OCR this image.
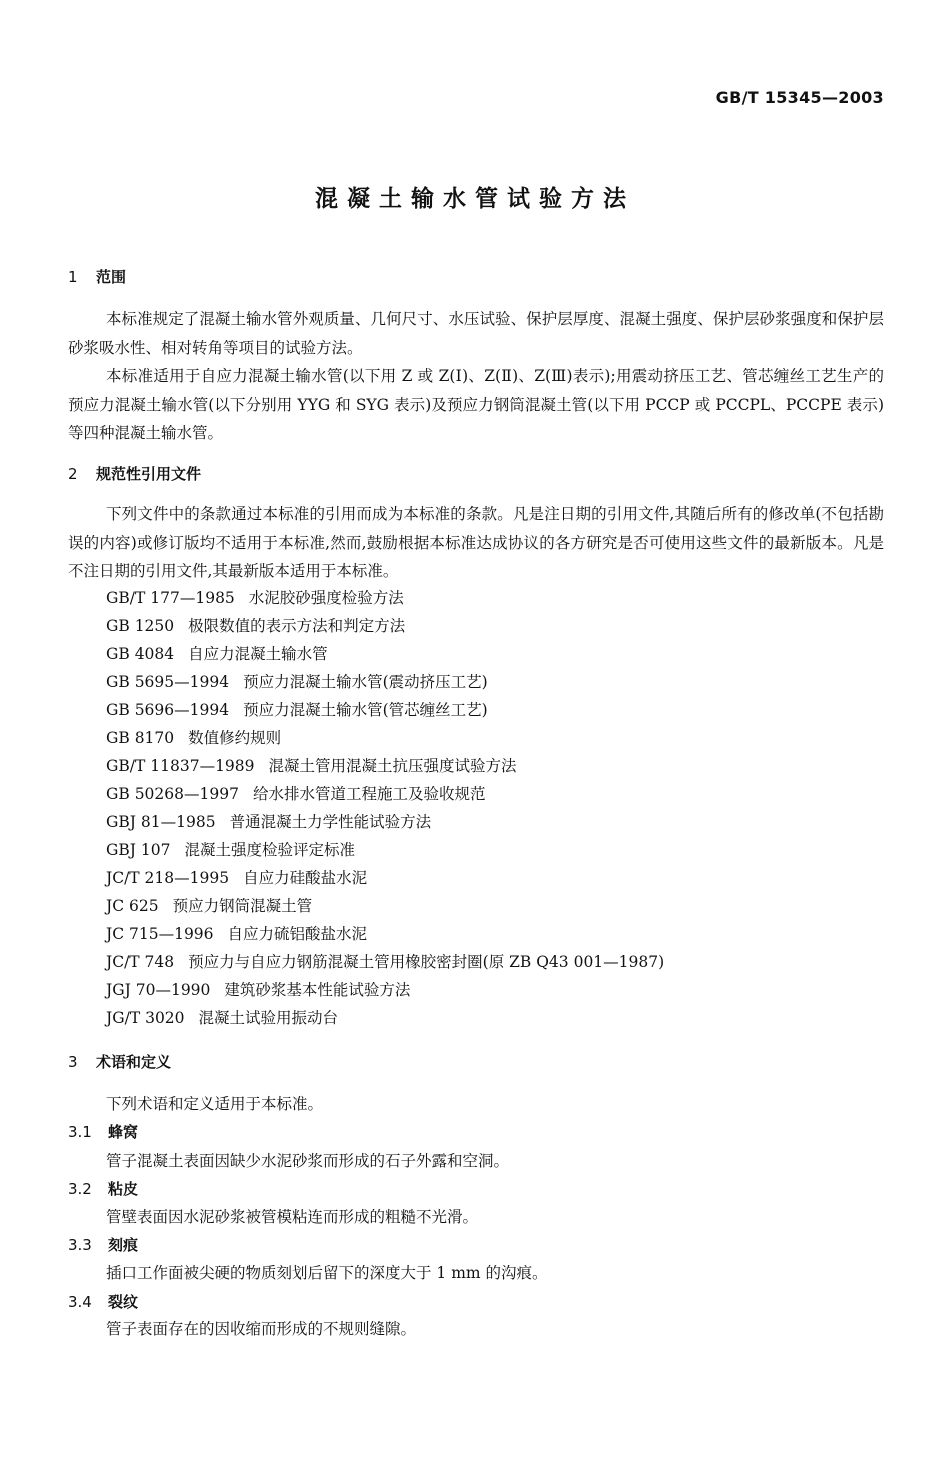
GB/T 15345—2003
混凝土输水管试验方法
1 范围

本标准规定了混凝土输水管外观质量、几何尺寸、水压试验、保护层厚度、混凝土强度、保护层砂浆强度和保护层砂浆吸水性、相对转角等项目的试验方法。

本标准适用于自应力混凝土输水管(以下用 Z 或 Z(Ⅰ)、Z(Ⅱ)、Z(Ⅲ)表示);用震动挤压工艺、管芯缠丝工艺生产的预应力混凝土输水管(以下分别用 YYG 和 SYG 表示)及预应力钢筒混凝土管(以下用 PCCP 或 PCCPL、PCCPE 表示)等四种混凝土输水管。

2 规范性引用文件

下列文件中的条款通过本标准的引用而成为本标准的条款。凡是注日期的引用文件,其随后所有的修改单(不包括勘误的内容)或修订版均不适用于本标准,然而,鼓励根据本标准达成协议的各方研究是否可使用这些文件的最新版本。凡是不注日期的引用文件,其最新版本适用于本标准。

GB/T 177—1985 水泥胶砂强度检验方法
GB 1250 极限数值的表示方法和判定方法
GB 4084 自应力混凝土输水管
GB 5695—1994 预应力混凝土输水管(震动挤压工艺)
GB 5696—1994 预应力混凝土输水管(管芯缠丝工艺)
GB 8170 数值修约规则
GB/T 11837—1989 混凝土管用混凝土抗压强度试验方法
GB 50268—1997 给水排水管道工程施工及验收规范
GBJ 81—1985 普通混凝土力学性能试验方法
GBJ 107 混凝土强度检验评定标准
JC/T 218—1995 自应力硅酸盐水泥
JC 625 预应力钢筒混凝土管
JC 715—1996 自应力硫铝酸盐水泥
JC/T 748 预应力与自应力钢筋混凝土管用橡胶密封圈(原 ZB Q43 001—1987)
JGJ 70—1990 建筑砂浆基本性能试验方法
JG/T 3020 混凝土试验用振动台
3 术语和定义
下列术语和定义适用于本标准。
3.1 蜂窝
管子混凝土表面因缺少水泥砂浆而形成的石子外露和空洞。
3.2 粘皮
管壁表面因水泥砂浆被管模粘连而形成的粗糙不光滑。
3.3 刻痕
插口工作面被尖硬的物质刻划后留下的深度大于 1 mm 的沟痕。
3.4 裂纹
管子表面存在的因收缩而形成的不规则缝隙。
